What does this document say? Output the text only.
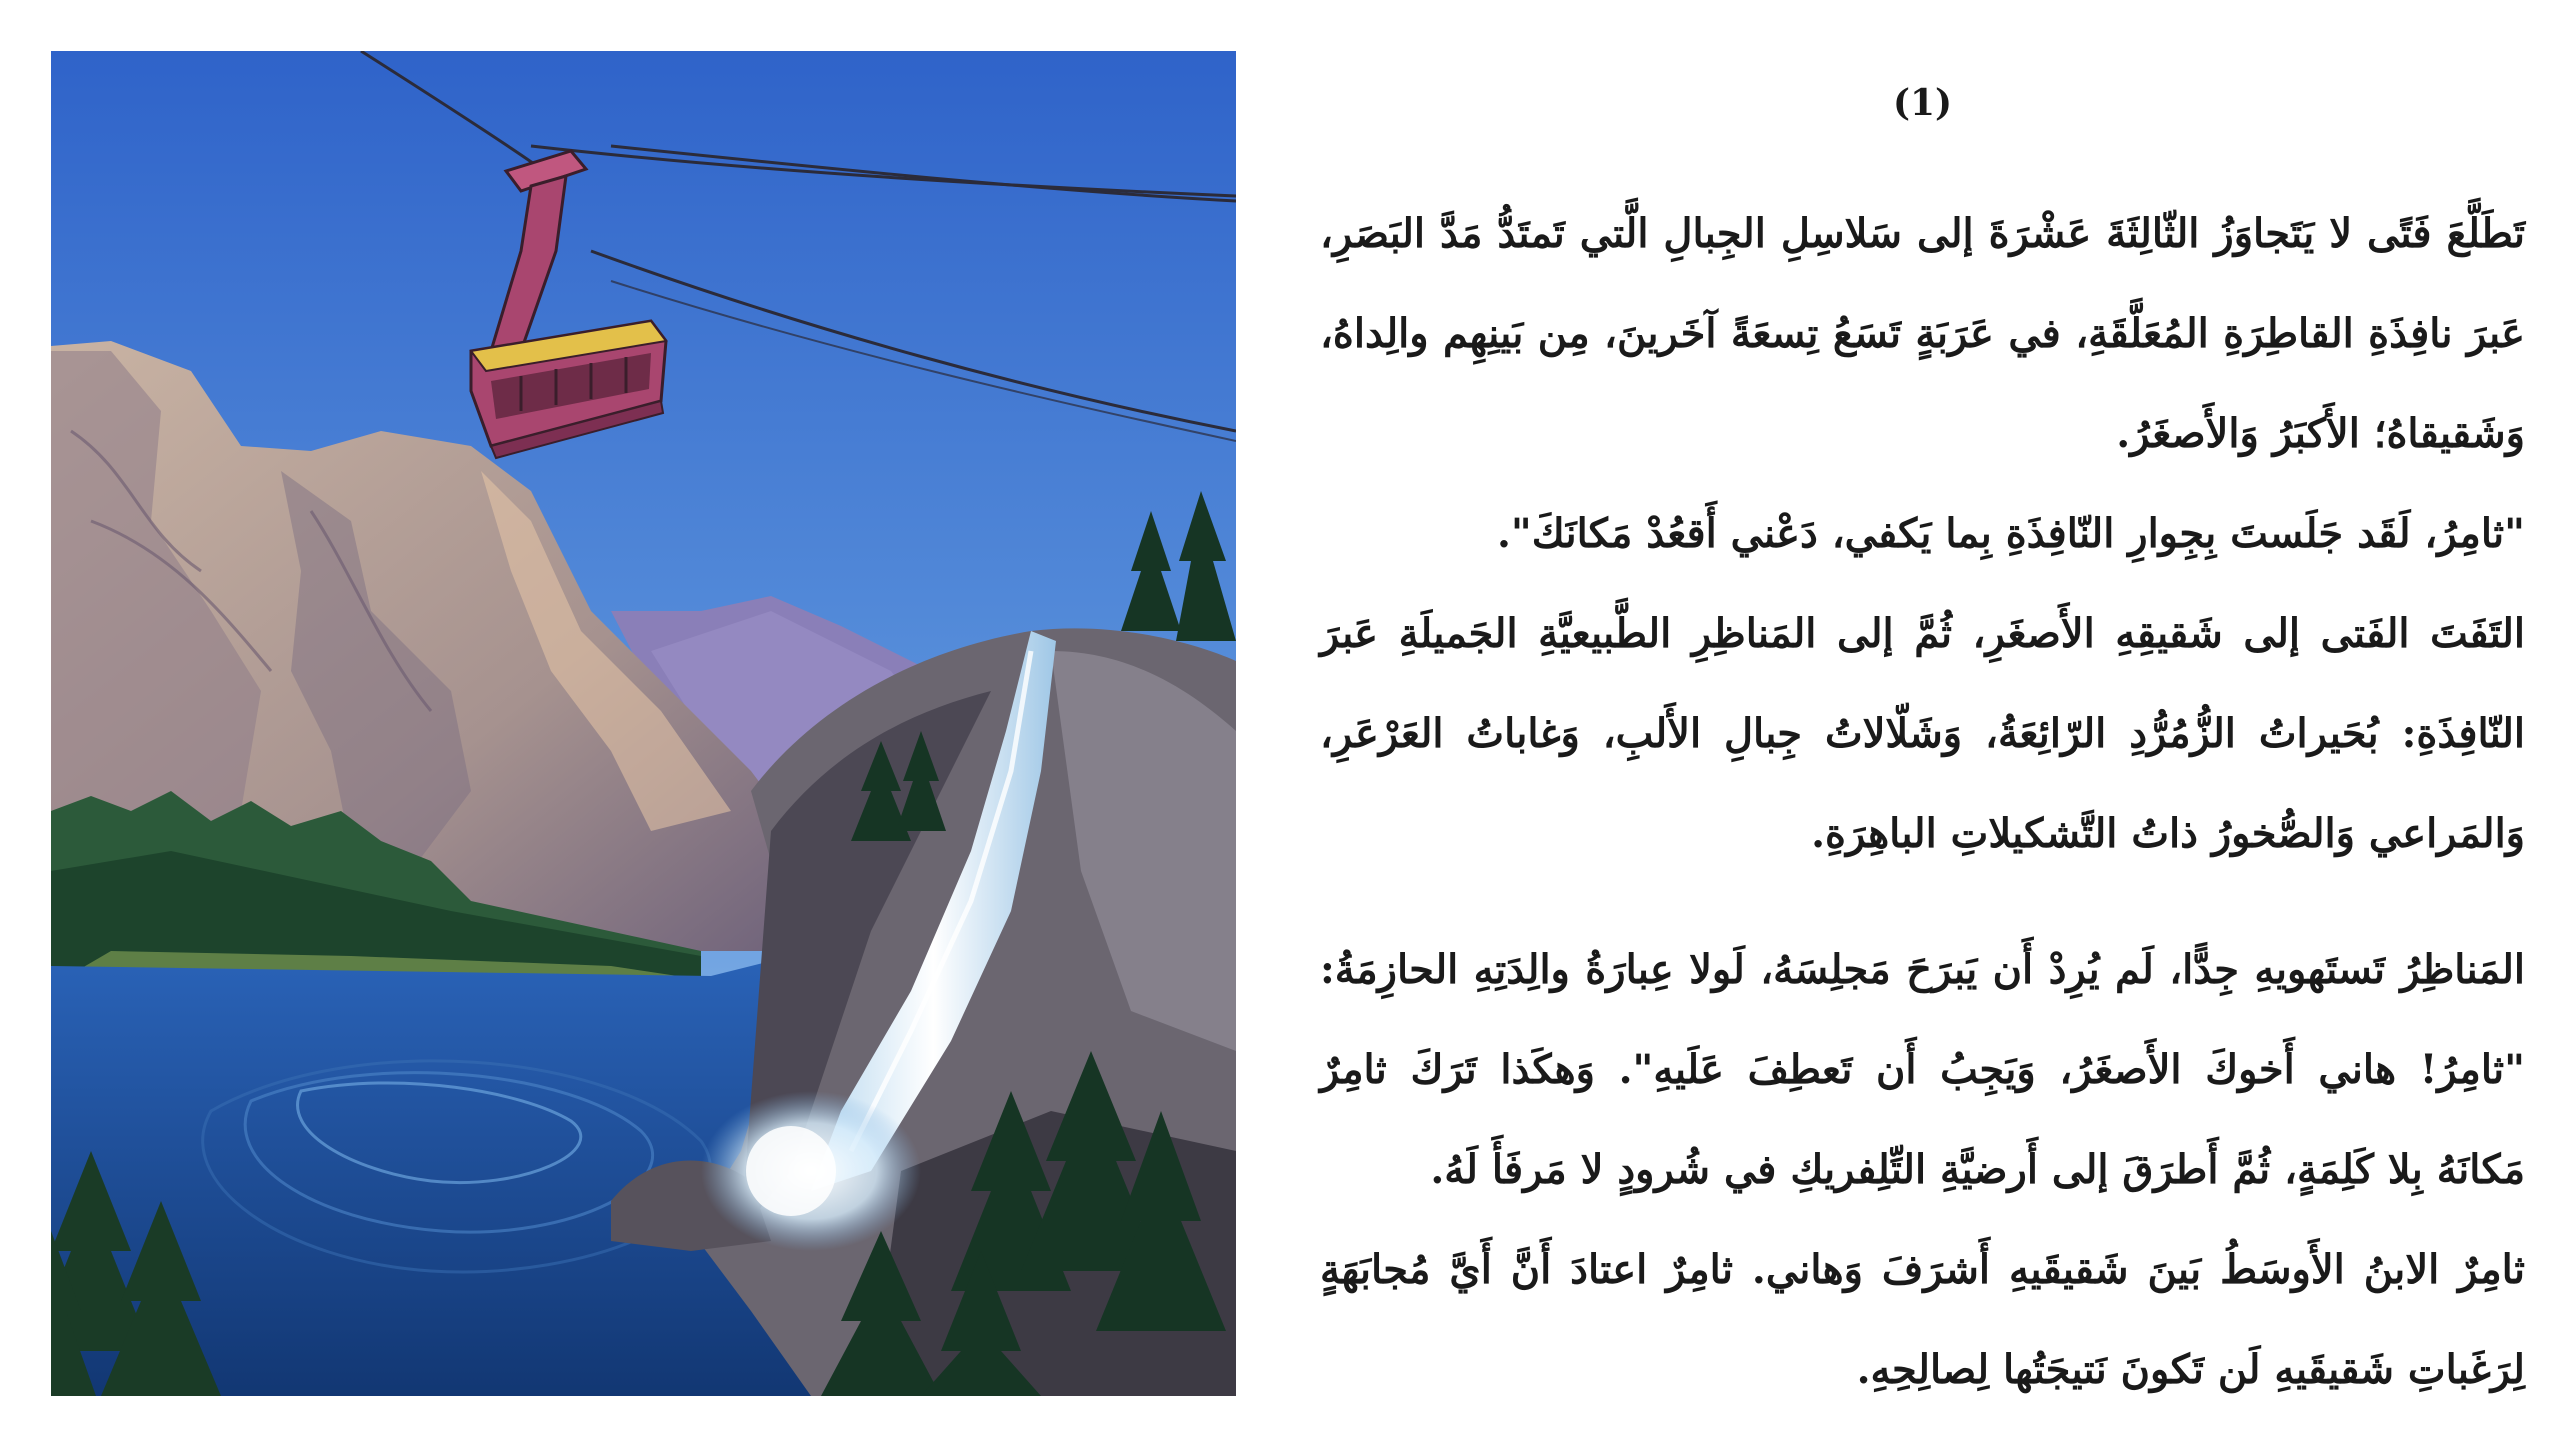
(1)

تَطَلَّعَ فَتًى لا يَتَجاوَزُ الثّالِثَةَ عَشْرَةَ إلى سَلاسِلِ الجِبالِ الَّتي تَمتَدُّ مَدَّ البَصَرِ، عَبرَ نافِذَةِ القاطِرَةِ المُعَلَّقَةِ، في عَرَبَةٍ تَسَعُ تِسعَةً آخَرينَ، مِن بَينِهِم والِداهُ، وَشَقيقاهُ؛ الأَكبَرُ وَالأَصغَرُ.

"ثامِرُ، لَقَد جَلَستَ بِجِوارِ النّافِذَةِ بِما يَكفي، دَعْني أَقعُدْ مَكانَكَ".

التَفَتَ الفَتى إلى شَقيقِهِ الأَصغَرِ، ثُمَّ إلى المَناظِرِ الطَّبيعيَّةِ الجَميلَةِ عَبرَ النّافِذَةِ: بُحَيراتُ الزُّمُرُّدِ الرّائِعَةُ، وَشَلّالاتُ جِبالِ الأَلبِ، وَغاباتُ العَرْعَرِ، وَالمَراعي وَالصُّخورُ ذاتُ التَّشكيلاتِ الباهِرَةِ.

المَناظِرُ تَستَهويهِ جِدًّا، لَم يُرِدْ أَن يَبرَحَ مَجلِسَهُ، لَولا عِبارَةُ والِدَتِهِ الحازِمَةُ: "ثامِرُ! هاني أَخوكَ الأَصغَرُ، وَيَجِبُ أَن تَعطِفَ عَلَيهِ". وَهكَذا تَرَكَ ثامِرٌ مَكانَهُ بِلا كَلِمَةٍ، ثُمَّ أَطرَقَ إلى أَرضيَّةِ التِّلِفريكِ في شُرودٍ لا مَرفَأَ لَهُ.

ثامِرٌ الابنُ الأَوسَطُ بَينَ شَقيقَيهِ أَشرَفَ وَهاني. ثامِرٌ اعتادَ أَنَّ أَيَّ مُجابَهَةٍ لِرَغَباتِ شَقيقَيهِ لَن تَكونَ نَتيجَتُها لِصالِحِهِ.
